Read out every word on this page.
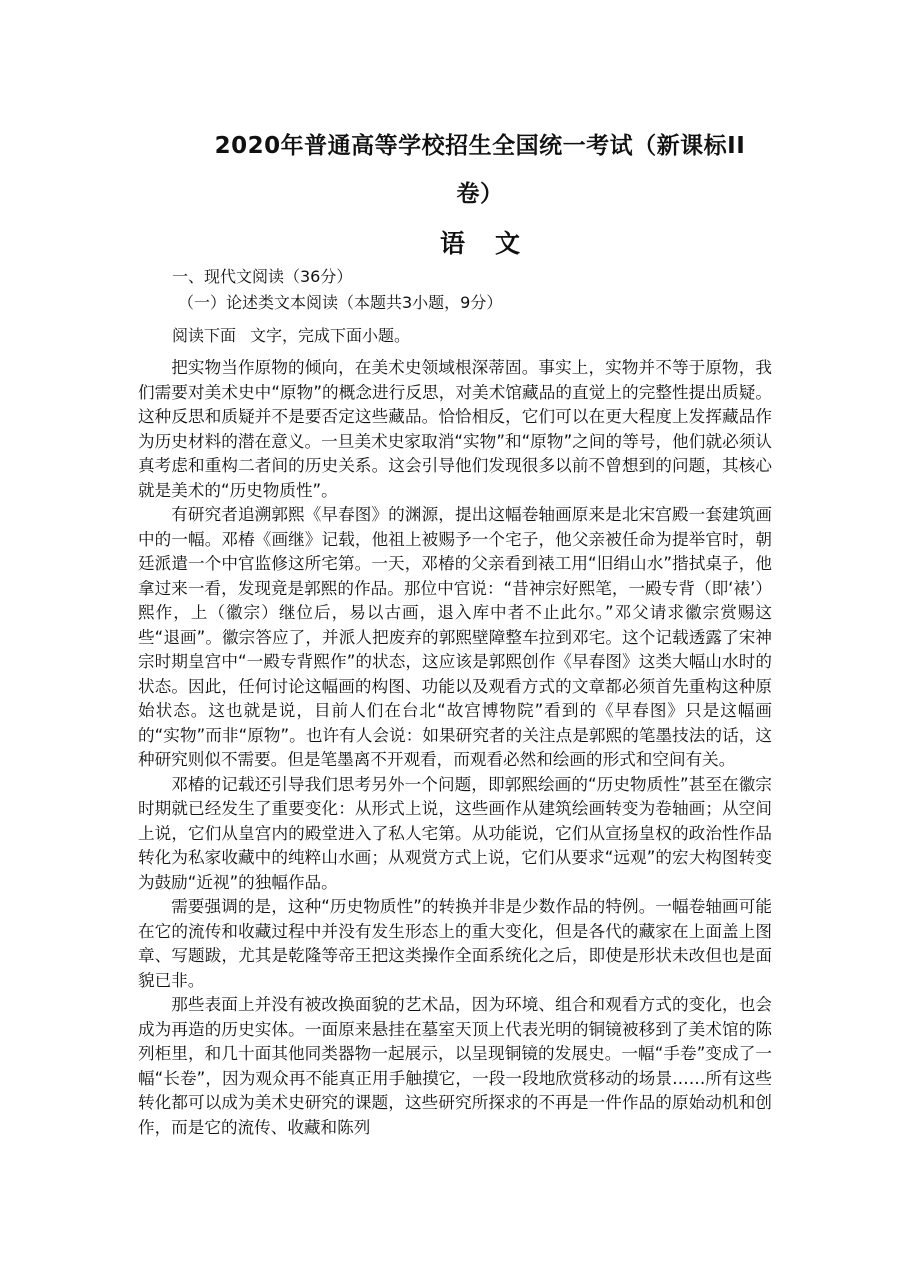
2020年普通高等学校招生全国统一考试（新课标II
卷）
语文
一、现代文阅读（36分）
（一）论述类文本阅读（本题共3小题，9分）
阅读下面 文字，完成下面小题。

把实物当作原物的倾向，在美术史领域根深蒂固。事实上，实物并不等于原物，我们需要对美术史中“原物”的概念进行反思，对美术馆藏品的直觉上的完整性提出质疑。这种反思和质疑并不是要否定这些藏品。恰恰相反，它们可以在更大程度上发挥藏品作为历史材料的潜在意义。一旦美术史家取消“实物”和“原物”之间的等号，他们就必须认真考虑和重构二者间的历史关系。这会引导他们发现很多以前不曾想到的问题，其核心就是美术的“历史物质性”。

有研究者追溯郭熙《早春图》的渊源，提出这幅卷轴画原来是北宋宫殿一套建筑画中的一幅。邓椿《画继》记载，他祖上被赐予一个宅子，他父亲被任命为提举官时，朝廷派遣一个中官监修这所宅第。一天，邓椿的父亲看到裱工用“旧绢山水”揩拭桌子，他拿过来一看，发现竟是郭熙的作品。那位中官说：“昔神宗好熙笔，一殿专背（即‘裱’）熙作，上（徽宗）继位后，易以古画，退入库中者不止此尔。”邓父请求徽宗赏赐这些“退画”。徽宗答应了，并派人把废弃的郭熙壁障整车拉到邓宅。这个记载透露了宋神宗时期皇宫中“一殿专背熙作”的状态，这应该是郭熙创作《早春图》这类大幅山水时的状态。因此，任何讨论这幅画的构图、功能以及观看方式的文章都必须首先重构这种原始状态。这也就是说，目前人们在台北“故宫博物院”看到的《早春图》只是这幅画的“实物”而非“原物”。也许有人会说：如果研究者的关注点是郭熙的笔墨技法的话，这种研究则似不需要。但是笔墨离不开观看，而观看必然和绘画的形式和空间有关。

邓椿的记载还引导我们思考另外一个问题，即郭熙绘画的“历史物质性”甚至在徽宗时期就已经发生了重要变化：从形式上说，这些画作从建筑绘画转变为卷轴画；从空间上说，它们从皇宫内的殿堂进入了私人宅第。从功能说，它们从宣扬皇权的政治性作品转化为私家收藏中的纯粹山水画；从观赏方式上说，它们从要求“远观”的宏大构图转变为鼓励“近视”的独幅作品。

需要强调的是，这种“历史物质性”的转换并非是少数作品的特例。一幅卷轴画可能在它的流传和收藏过程中并没有发生形态上的重大变化，但是各代的藏家在上面盖上图章、写题跋，尤其是乾隆等帝王把这类操作全面系统化之后，即使是形状未改但也是面貌已非。

那些表面上并没有被改换面貌的艺术品，因为环境、组合和观看方式的变化，也会成为再造的历史实体。一面原来悬挂在墓室天顶上代表光明的铜镜被移到了美术馆的陈列柜里，和几十面其他同类器物一起展示，以呈现铜镜的发展史。一幅“手卷”变成了一幅“长卷”，因为观众再不能真正用手触摸它，一段一段地欣赏移动的场景……所有这些转化都可以成为美术史研究的课题，这些研究所探求的不再是一件作品的原始动机和创作，而是它的流传、收藏和陈列
